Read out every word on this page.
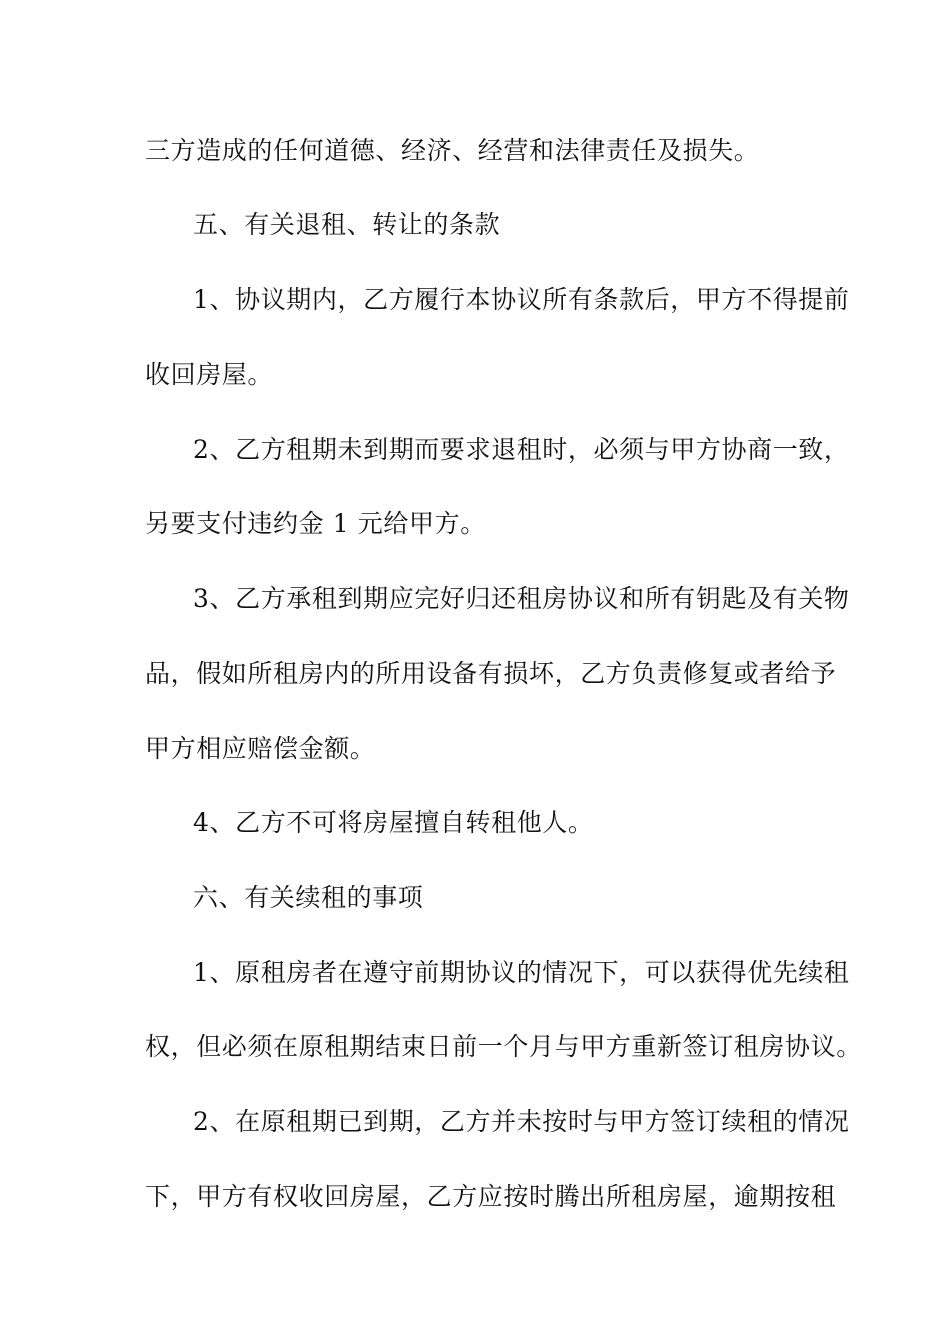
三方造成的任何道德、经济、经营和法律责任及损失。
五、有关退租、转让的条款
1、协议期内，乙方履行本协议所有条款后，甲方不得提前
收回房屋。
2、乙方租期未到期而要求退租时，必须与甲方协商一致，
另要支付违约金 1 元给甲方。
3、乙方承租到期应完好归还租房协议和所有钥匙及有关物
品，假如所租房内的所用设备有损坏，乙方负责修复或者给予
甲方相应赔偿金额。
4、乙方不可将房屋擅自转租他人。
六、有关续租的事项
1、原租房者在遵守前期协议的情况下，可以获得优先续租
权，但必须在原租期结束日前一个月与甲方重新签订租房协议。
2、在原租期已到期，乙方并未按时与甲方签订续租的情况
下，甲方有权收回房屋，乙方应按时腾出所租房屋，逾期按租
